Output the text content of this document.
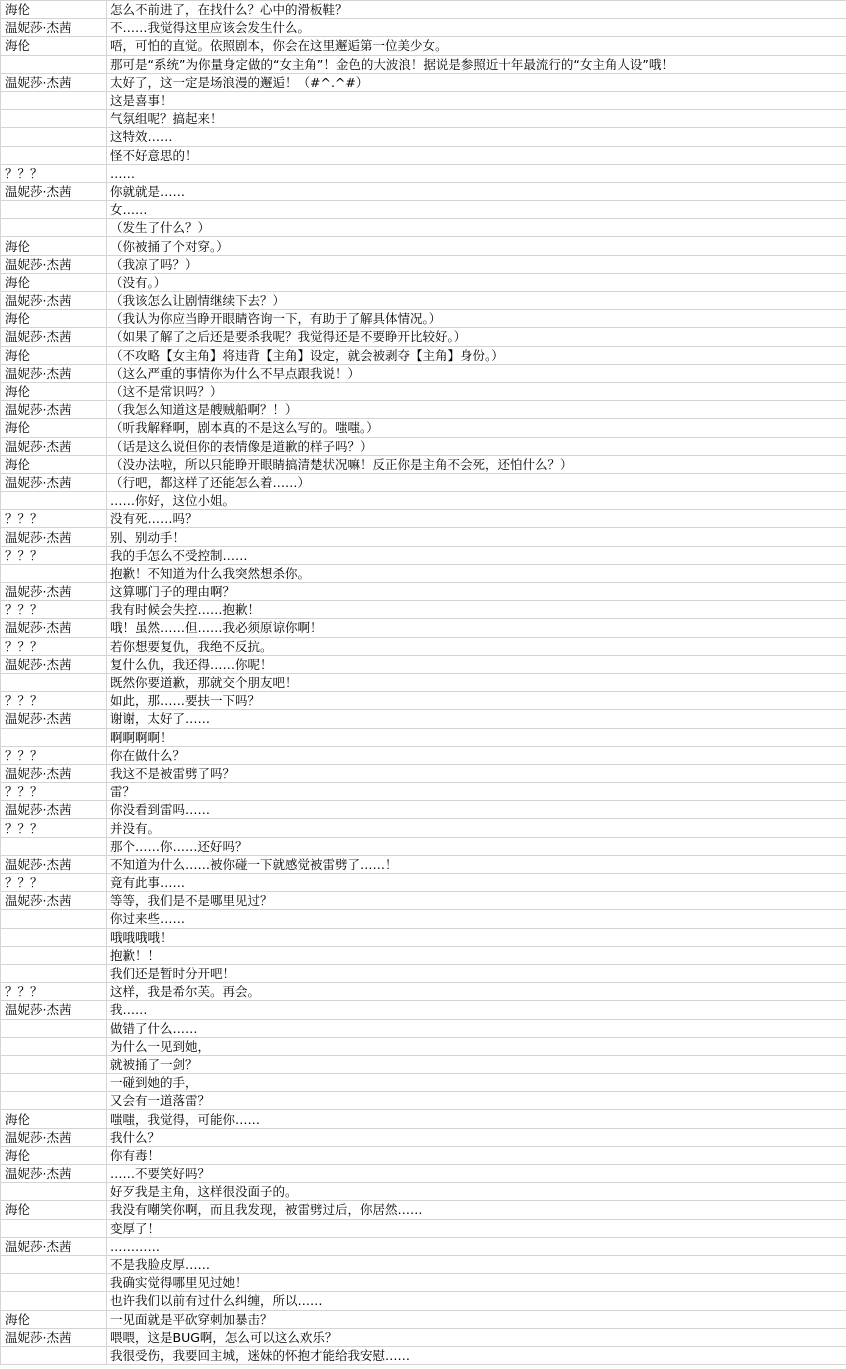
海伦	怎么不前进了，在找什么？心中的滑板鞋？
温妮莎·杰茜	不……我觉得这里应该会发生什么。
海伦	唔，可怕的直觉。依照剧本，你会在这里邂逅第一位美少女。
	那可是“系统”为你量身定做的“女主角”！金色的大波浪！据说是参照近十年最流行的“女主角人设”哦！
温妮莎·杰茜	太好了，这一定是场浪漫的邂逅！（#^.^#）
	这是喜事！
	气氛组呢？搞起来！
	这特效……
	怪不好意思的！
？？？	……
温妮莎·杰茜	你就就是……
	女……
	（发生了什么？）
海伦	（你被捅了个对穿。）
温妮莎·杰茜	（我凉了吗？）
海伦	（没有。）
温妮莎·杰茜	（我该怎么让剧情继续下去？）
海伦	（我认为你应当睁开眼睛咨询一下，有助于了解具体情况。）
温妮莎·杰茜	（如果了解了之后还是要杀我呢？我觉得还是不要睁开比较好。）
海伦	（不攻略【女主角】将违背【主角】设定，就会被剥夺【主角】身份。）
温妮莎·杰茜	（这么严重的事情你为什么不早点跟我说！）
海伦	（这不是常识吗？）
温妮莎·杰茜	（我怎么知道这是艘贼船啊？！）
海伦	（听我解释啊，剧本真的不是这么写的。嗤嗤。）
温妮莎·杰茜	（话是这么说但你的表情像是道歉的样子吗？）
海伦	（没办法啦，所以只能睁开眼睛搞清楚状况嘛！反正你是主角不会死，还怕什么？）
温妮莎·杰茜	（行吧，都这样了还能怎么着……）
	……你好，这位小姐。
？？？	没有死……吗？
温妮莎·杰茜	别、别动手！
？？？	我的手怎么不受控制……
	抱歉！不知道为什么我突然想杀你。
温妮莎·杰茜	这算哪门子的理由啊？
？？？	我有时候会失控……抱歉！
温妮莎·杰茜	哦！虽然……但……我必须原谅你啊！
？？？	若你想要复仇，我绝不反抗。
温妮莎·杰茜	复什么仇，我还得……你呢！
	既然你要道歉，那就交个朋友吧！
？？？	如此，那……要扶一下吗？
温妮莎·杰茜	谢谢，太好了……
	啊啊啊啊！
？？？	你在做什么？
温妮莎·杰茜	我这不是被雷劈了吗？
？？？	雷？
温妮莎·杰茜	你没看到雷吗……
？？？	并没有。
	那个……你……还好吗？
温妮莎·杰茜	不知道为什么……被你碰一下就感觉被雷劈了……！
？？？	竟有此事……
温妮莎·杰茜	等等，我们是不是哪里见过？
	你过来些……
	哦哦哦哦！
	抱歉！！
	我们还是暂时分开吧！
？？？	这样，我是希尔芙。再会。
温妮莎·杰茜	我……
	做错了什么……
	为什么一见到她，
	就被捅了一剑？
	一碰到她的手，
	又会有一道落雷？
海伦	嗤嗤，我觉得，可能你……
温妮莎·杰茜	我什么？
海伦	你有毒！
温妮莎·杰茜	……不要笑好吗？
	好歹我是主角，这样很没面子的。
海伦	我没有嘲笑你啊，而且我发现，被雷劈过后，你居然……
	变厚了！
温妮莎·杰茜	…………
	不是我脸皮厚……
	我确实觉得哪里见过她！
	也许我们以前有过什么纠缠，所以……
海伦	一见面就是平砍穿刺加暴击？
温妮莎·杰茜	喂喂，这是BUG啊，怎么可以这么欢乐？
	我很受伤，我要回主城，迷妹的怀抱才能给我安慰……
